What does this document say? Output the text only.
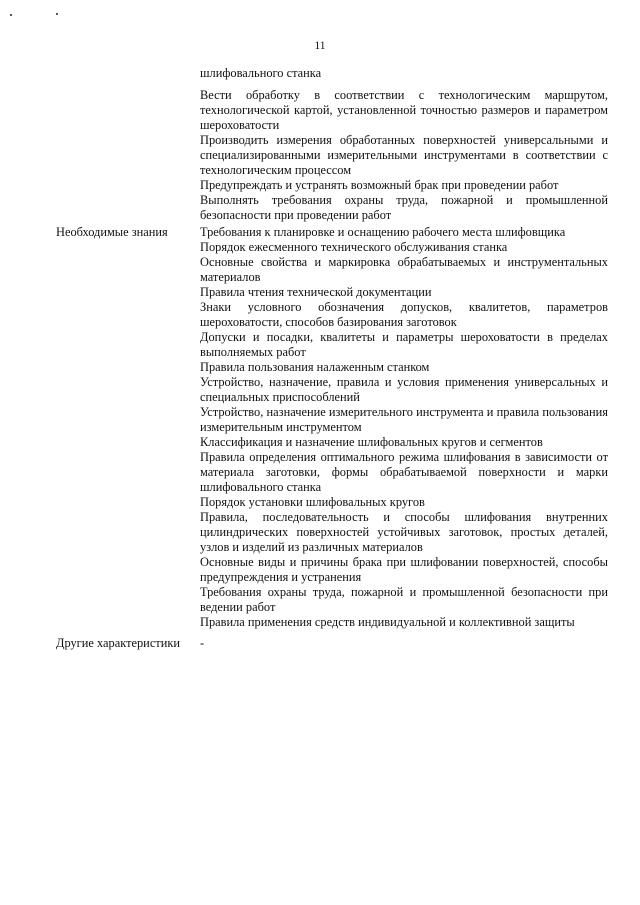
11
шлифовального станка
Вести обработку в соответствии с технологическим маршрутом, технологической картой, установленной точностью размеров и параметром шероховатости
Производить измерения обработанных поверхностей универсальными и специализированными измерительными инструментами в соответствии с технологическим процессом
Предупреждать и устранять возможный брак при проведении работ
Выполнять требования охраны труда, пожарной и промышленной безопасности при проведении работ
Необходимые знания	Требования к планировке и оснащению рабочего места шлифовщика
Порядок ежесменного технического обслуживания станка
Основные свойства и маркировка обрабатываемых и инструментальных материалов
Правила чтения технической документации
Знаки условного обозначения допусков, квалитетов, параметров шероховатости, способов базирования заготовок
Допуски и посадки, квалитеты и параметры шероховатости в пределах выполняемых работ
Правила пользования налаженным станком
Устройство, назначение, правила и условия применения универсальных и специальных приспособлений
Устройство, назначение измерительного инструмента и правила пользования измерительным инструментом
Классификация и назначение шлифовальных кругов и сегментов
Правила определения оптимального режима шлифования в зависимости от материала заготовки, формы обрабатываемой поверхности и марки шлифовального станка
Порядок установки шлифовальных кругов
Правила, последовательность и способы шлифования внутренних цилиндрических поверхностей устойчивых заготовок, простых деталей, узлов и изделий из различных материалов
Основные виды и причины брака при шлифовании поверхностей, способы предупреждения и устранения
Требования охраны труда, пожарной и промышленной безопасности при ведении работ
Правила применения средств индивидуальной и коллективной защиты
Другие характеристики	-
